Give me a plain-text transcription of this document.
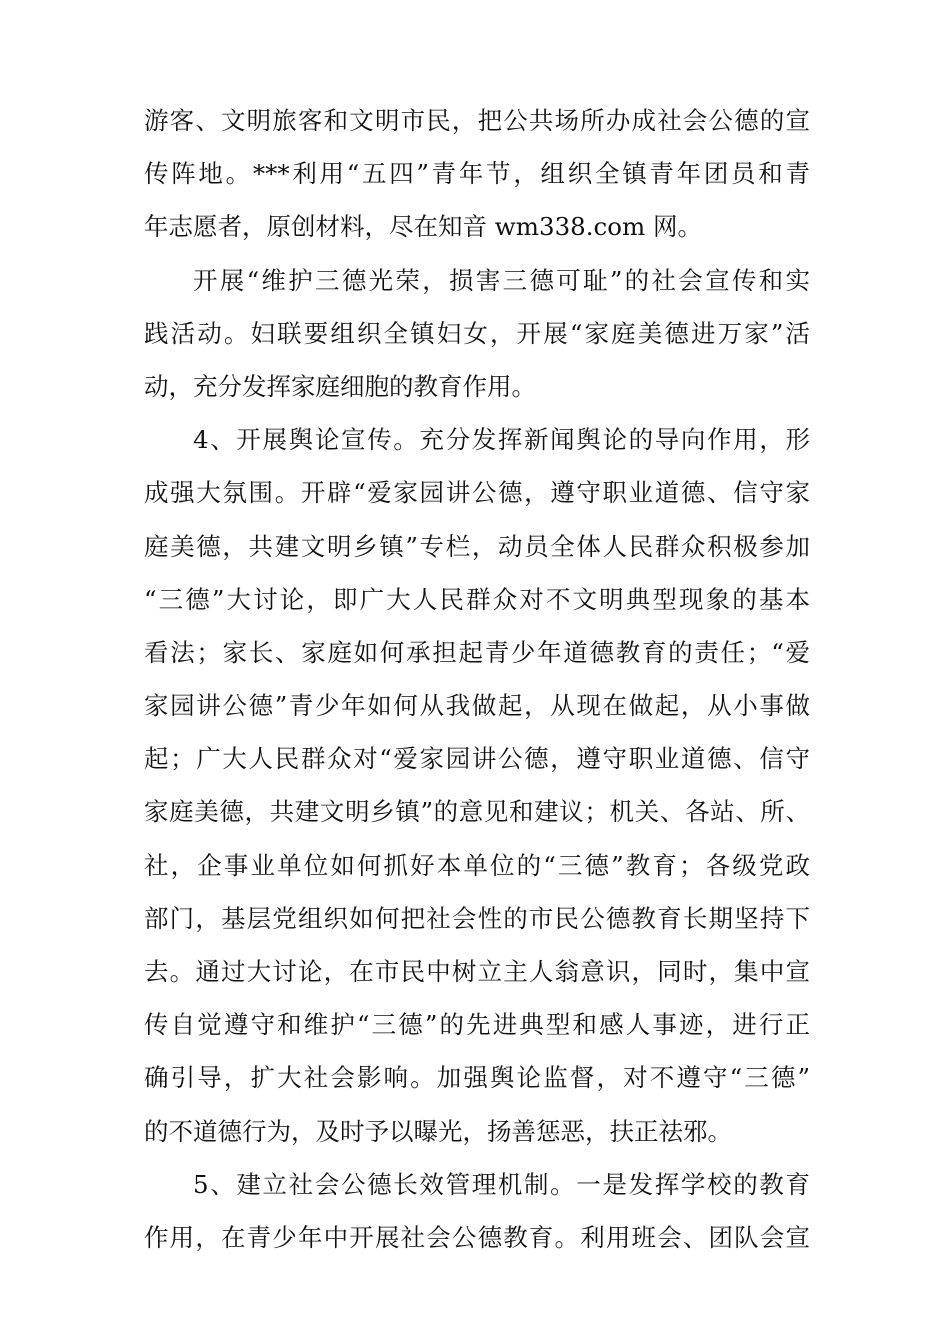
游客、文明旅客和文明市民，把公共场所办成社会公德的宣
传阵地。***利用“五四”青年节，组织全镇青年团员和青
年志愿者，原创材料，尽在知音 wm338.com 网。
开展“维护三德光荣，损害三德可耻”的社会宣传和实
践活动。妇联要组织全镇妇女，开展“家庭美德进万家”活
动，充分发挥家庭细胞的教育作用。
4、开展舆论宣传。充分发挥新闻舆论的导向作用，形
成强大氛围。开辟“爱家园讲公德，遵守职业道德、信守家
庭美德，共建文明乡镇”专栏，动员全体人民群众积极参加
“三德”大讨论，即广大人民群众对不文明典型现象的基本
看法；家长、家庭如何承担起青少年道德教育的责任；“爱
家园讲公德”青少年如何从我做起，从现在做起，从小事做
起；广大人民群众对“爱家园讲公德，遵守职业道德、信守
家庭美德，共建文明乡镇”的意见和建议；机关、各站、所、
社，企事业单位如何抓好本单位的“三德”教育；各级党政
部门，基层党组织如何把社会性的市民公德教育长期坚持下
去。通过大讨论，在市民中树立主人翁意识，同时，集中宣
传自觉遵守和维护“三德”的先进典型和感人事迹，进行正
确引导，扩大社会影响。加强舆论监督，对不遵守“三德”
的不道德行为，及时予以曝光，扬善惩恶，扶正祛邪。
5、建立社会公德长效管理机制。一是发挥学校的教育
作用，在青少年中开展社会公德教育。利用班会、团队会宣
